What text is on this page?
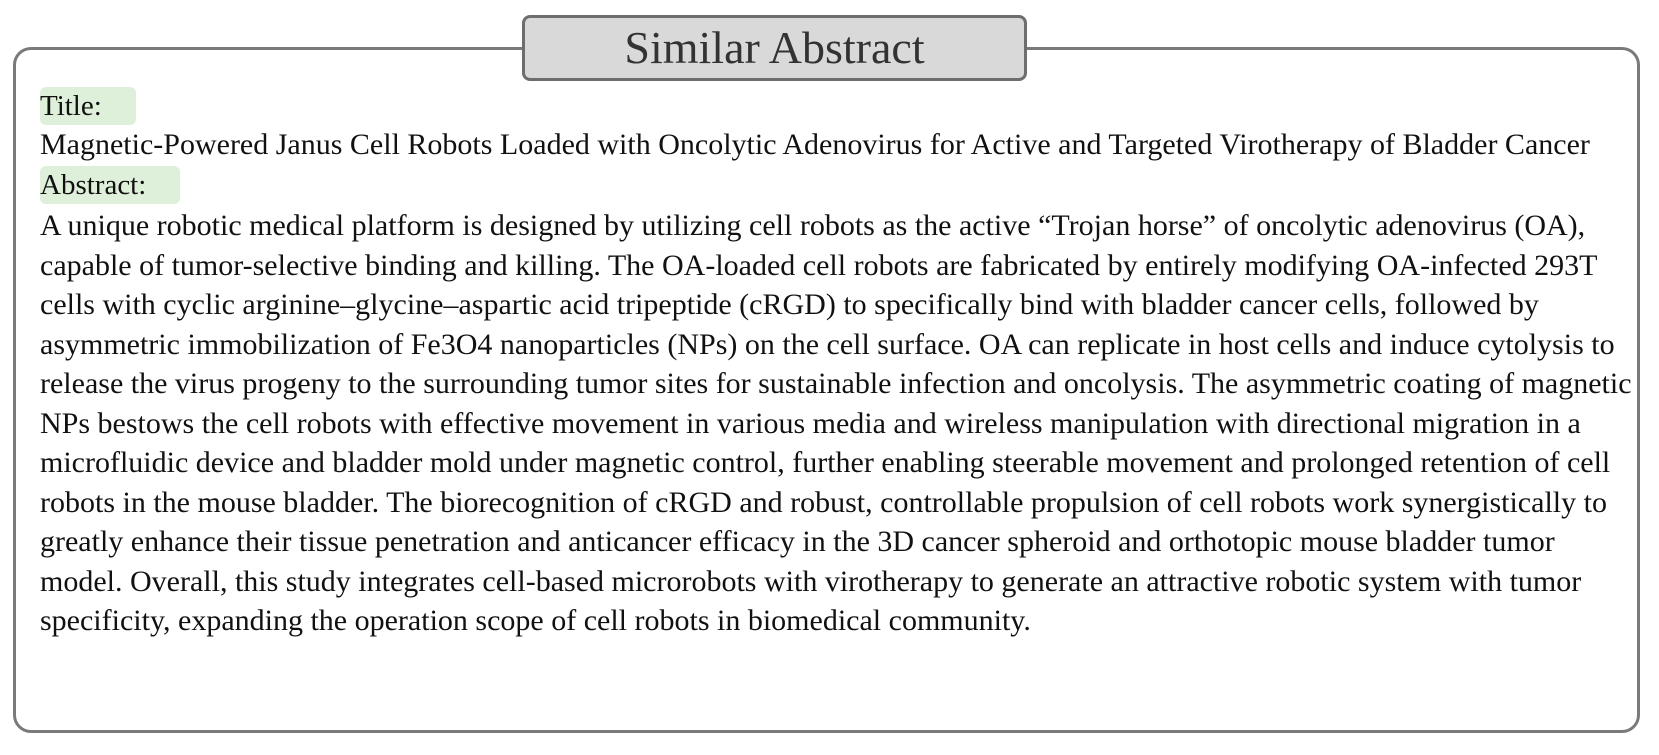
Similar Abstract
Title:
Magnetic-Powered Janus Cell Robots Loaded with Oncolytic Adenovirus for Active and Targeted Virotherapy of Bladder Cancer
Abstract:
A unique robotic medical platform is designed by utilizing cell robots as the active “Trojan horse” of oncolytic adenovirus (OA), capable of tumor-selective binding and killing. The OA-loaded cell robots are fabricated by entirely modifying OA-infected 293T cells with cyclic arginine–glycine–aspartic acid tripeptide (cRGD) to specifically bind with bladder cancer cells, followed by asymmetric immobilization of Fe3O4 nanoparticles (NPs) on the cell surface. OA can replicate in host cells and induce cytolysis to release the virus progeny to the surrounding tumor sites for sustainable infection and oncolysis. The asymmetric coating of magnetic NPs bestows the cell robots with effective movement in various media and wireless manipulation with directional migration in a microfluidic device and bladder mold under magnetic control, further enabling steerable movement and prolonged retention of cell robots in the mouse bladder. The biorecognition of cRGD and robust, controllable propulsion of cell robots work synergistically to greatly enhance their tissue penetration and anticancer efficacy in the 3D cancer spheroid and orthotopic mouse bladder tumor model. Overall, this study integrates cell-based microrobots with virotherapy to generate an attractive robotic system with tumor specificity, expanding the operation scope of cell robots in biomedical community.
